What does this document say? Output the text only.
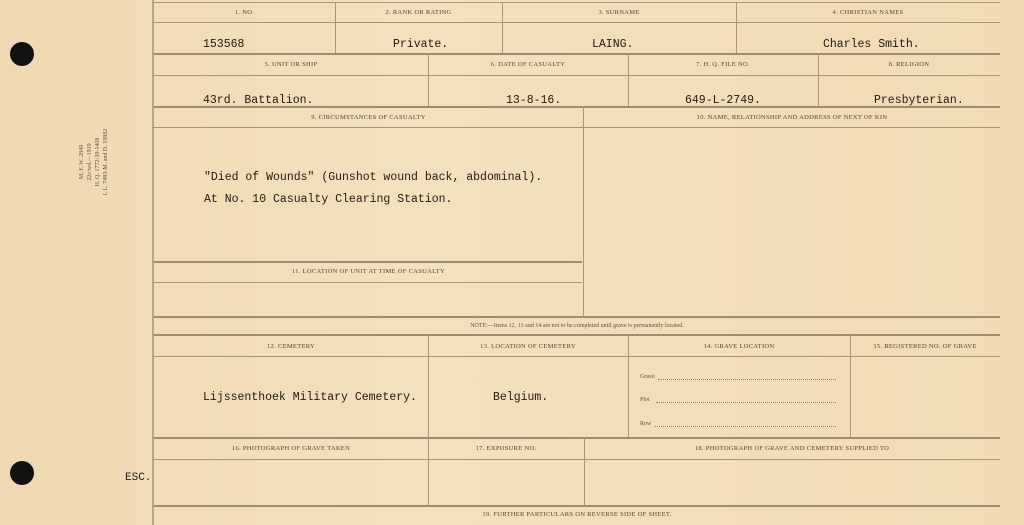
M. F. W. 2849 22c/wd.—1919 H. Q. 1772-39-1408 I. L. 7483-M. and D. 19882
ESC.
1. NO.
153568
2. RANK OR RATING
Private.
3. SURNAME
LAING.
4. CHRISTIAN NAMES
Charles Smith.
5. UNIT OR SHIP
43rd. Battalion.
6. DATE OF CASUALTY
13-8-16.
7. H. Q. FILE NO.
649-L-2749.
8. RELIGION
Presbyterian.
9. CIRCUMSTANCES OF CASUALTY
"Died of Wounds" (Gunshot wound back, abdominal).
At No. 10 Casualty Clearing Station.
10. NAME, RELATIONSHIP AND ADDRESS OF NEXT OF KIN
11. LOCATION OF UNIT AT TIME OF CASUALTY
NOTE:—Items 12, 13 and 14 are not to be completed until grave is permanently located.
12. CEMETERY
Lijssenthoek Military Cemetery.
13. LOCATION OF CEMETERY
Belgium.
14. GRAVE LOCATION
Grave
Plot
Row
15. REGISTERED NO. OF GRAVE
16. PHOTOGRAPH OF GRAVE TAKEN	17. EXPOSURE NO.	18. PHOTOGRAPH OF GRAVE AND CEMETERY SUPPLIED TO
19. FURTHER PARTICULARS ON REVERSE SIDE OF SHEET.
